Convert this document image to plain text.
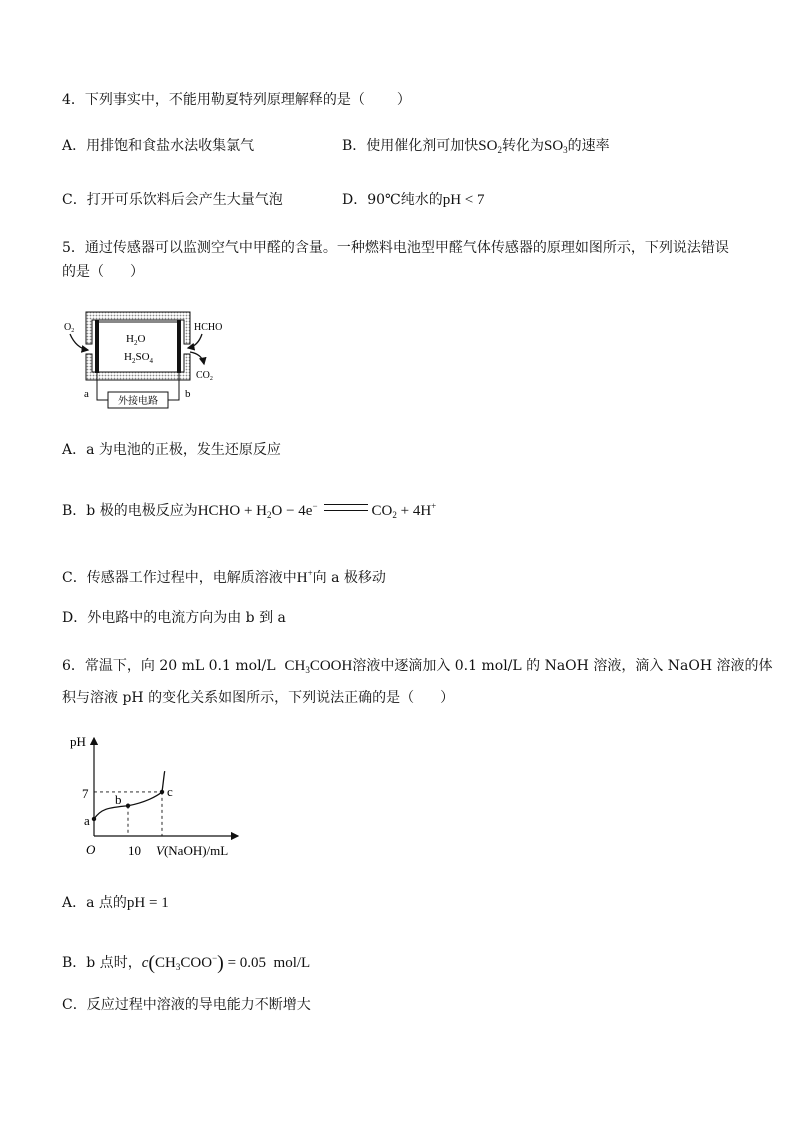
4．下列事实中，不能用勒夏特列原理解释的是（ ）
A．用排饱和食盐水法收集氯气	B．使用催化剂可加快$SO_2$转化为$SO_3$的速率
C．打开可乐饮料后会产生大量气泡	D．90℃纯水的pH < 7
5．通过传感器可以监测空气中甲醛的含量。一种燃料电池型甲醛气体传感器的原理如图所示，下列说法错误
的是（ ）
$H_2O$
$H_2SO_4$
$O_2$	HCHO
$CO_2$
外接电路
a	b
A．a 为电池的正极，发生还原反应
B．b 极的电极反应为HCHO + $H_2O - 4e^-$	$CO_2 + 4H^+$
C．传感器工作过程中，电解质溶液中H+向 a 极移动
D．外电路中的电流方向为由 b 到 a
6．常温下，向 20 mL 0.1 mol/L $CH_3COOH$溶液中逐滴加入 0.1 mol/L 的 NaOH 溶液，滴入 NaOH 溶液的体
积与溶液 pH 的变化关系如图所示，下列说法正确的是（ ）
pH
O
7
10 V(NaOH)/mL
a
b
c
A．a 点的pH = 1
B．b 点时，$c(CH_3COO^-) = 0.05$ mol/L
C．反应过程中溶液的导电能力不断增大
